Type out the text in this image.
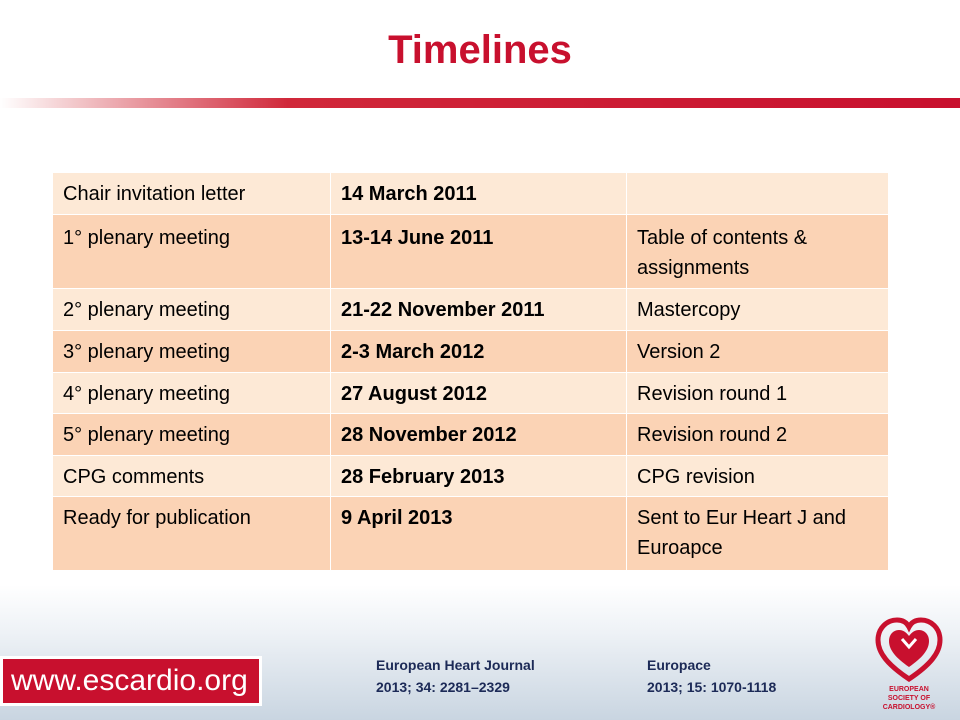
Timelines
Chair invitation letter	14 March 2011	
1° plenary meeting	13-14 June 2011	Table of contents & assignments
2° plenary meeting	21-22 November 2011	Mastercopy
3° plenary meeting	2-3 March 2012	Version 2
4° plenary meeting	27 August 2012	Revision round 1
5° plenary meeting	28 November 2012	Revision round 2
CPG comments	28 February 2013	CPG revision
Ready for publication	9 April 2013	Sent to Eur Heart J and Euroapce
www.escardio.org	European Heart Journal
2013; 34: 2281–2329
Europace
2013; 15: 1070-1118	EUROPEAN
SOCIETY OF
CARDIOLOGY®
